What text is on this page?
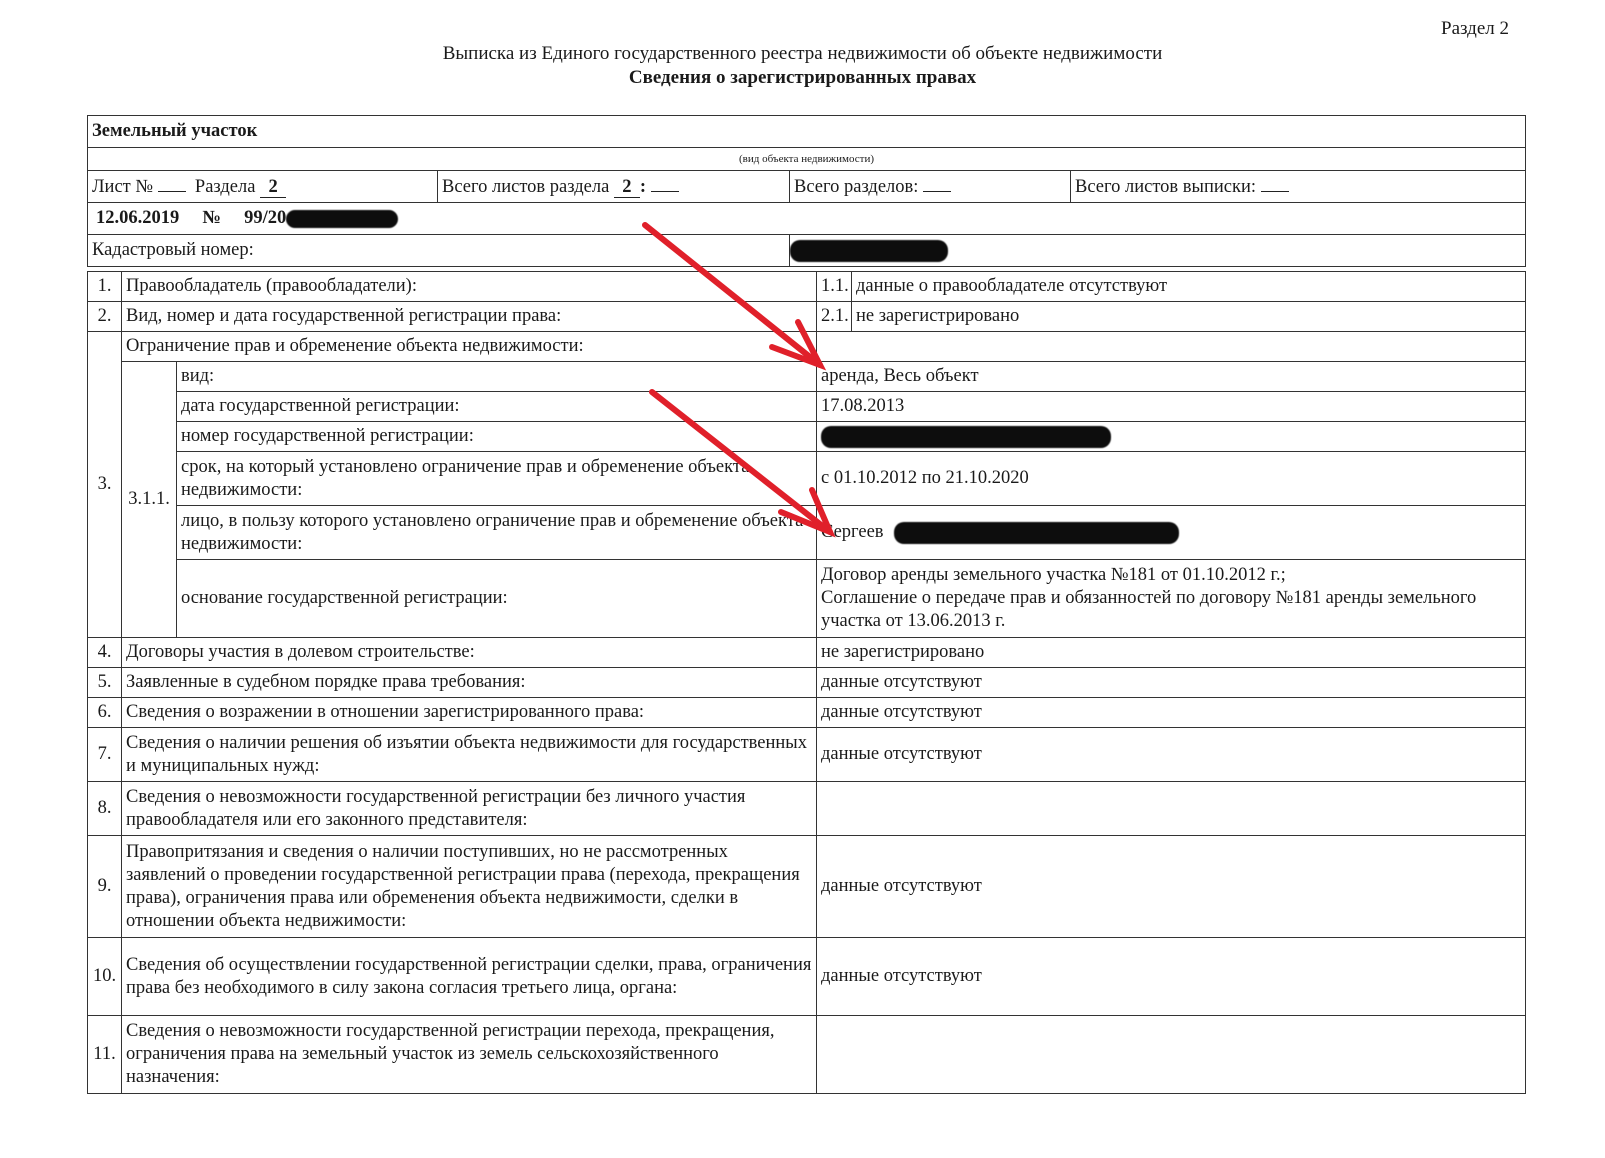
Раздел 2
Выписка из Единого государственного реестра недвижимости об объекте недвижимости
Сведения о зарегистрированных правах
Земельный участок			
(вид объекта недвижимости)			
Лист № Раздела 2	Всего листов раздела 2 :	Всего разделов:	Всего листов выписки:
12.06.2019 № 99/20			
Кадастровый номер:			
1.	Правообладатель (правообладатели):		1.1.	данные о правообладателе отсутствуют
2.	Вид, номер и дата государственной регистрации права:		2.1.	не зарегистрировано
3.	Ограничение прав и обременение объекта недвижимости:			
	3.1.1.	вид:	аренда, Весь объект	
		дата государственной регистрации:	17.08.2013	
		номер государственной регистрации:		
		срок, на который установлено ограничение прав и обременение объекта недвижимости:	с 01.10.2012 по 21.10.2020	
		лицо, в пользу которого установлено ограничение прав и обременение объекта недвижимости:	Сергеев	
		основание государственной регистрации:	Договор аренды земельного участка №181 от 01.10.2012 г.;
Соглашение о передаче прав и обязанностей по договору №181 аренды земельного участка от 13.06.2013 г.	

4.	Договоры участия в долевом строительстве:		не зарегистрировано	
5.	Заявленные в судебном порядке права требования:		данные отсутствуют	
6.	Сведения о возражении в отношении зарегистрированного права:		данные отсутствуют	
7.	Сведения о наличии решения об изъятии объекта недвижимости для государственных и муниципальных нужд:		данные отсутствуют	
8.	Сведения о невозможности государственной регистрации без личного участия правообладателя или его законного представителя:			
9.	Правопритязания и сведения о наличии поступивших, но не рассмотренных заявлений о проведении государственной регистрации права (перехода, прекращения права), ограничения права или обременения объекта недвижимости, сделки в отношении объекта недвижимости:		данные отсутствуют	
10.	Сведения об осуществлении государственной регистрации сделки, права, ограничения права без необходимого в силу закона согласия третьего лица, органа:		данные отсутствуют	
11.	Сведения о невозможности государственной регистрации перехода, прекращения, ограничения права на земельный участок из земель сельскохозяйственного назначения:			
